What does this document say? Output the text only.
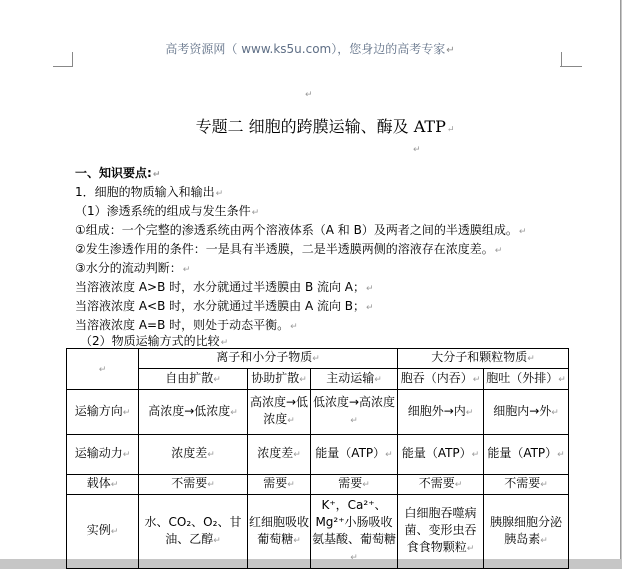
高考资源网（ www.ks5u.com），您身边的高考专家↵
↵
专题二 细胞的跨膜运输、酶及 ATP↵
↵
一、知识要点:↵
1．细胞的物质输入和输出↵
（1）渗透系统的组成与发生条件↵
①组成：一个完整的渗透系统由两个溶液体系（A 和 B）及两者之间的半透膜组成。↵
②发生渗透作用的条件：一是具有半透膜，二是半透膜两侧的溶液存在浓度差。↵
③水分的流动判断：↵
当溶液浓度 A>B 时，水分就通过半透膜由 B 流向 A；↵
当溶液浓度 A<B 时，水分就通过半透膜由 A 流向 B；↵
当溶液浓度 A=B 时，则处于动态平衡。↵
（2）物质运输方式的比较↵
↵	离子和小分子物质↵			大分子和颗粒物质↵	
	自由扩散↵	协助扩散↵	主动运输↵	胞吞（内吞）↵	胞吐（外排）↵
运输方向↵	高浓度→低浓度↵	高浓度→低浓度↵	低浓度→高浓度↵	细胞外→内↵	细胞内→外↵
运输动力↵	浓度差↵	浓度差↵	能量（ATP）↵	能量（ATP）↵	能量（ATP）↵
载体↵	不需要↵	需要↵	需要↵	不需要↵	不需要↵
实例↵	水、CO₂、O₂、甘油、乙醇↵	红细胞吸收葡萄糖↵	K⁺，Ca²⁺、Mg²⁺小肠吸收氨基酸、葡萄糖↵	白细胞吞噬病菌、变形虫吞食食物颗粒↵	胰腺细胞分泌胰岛素↵
